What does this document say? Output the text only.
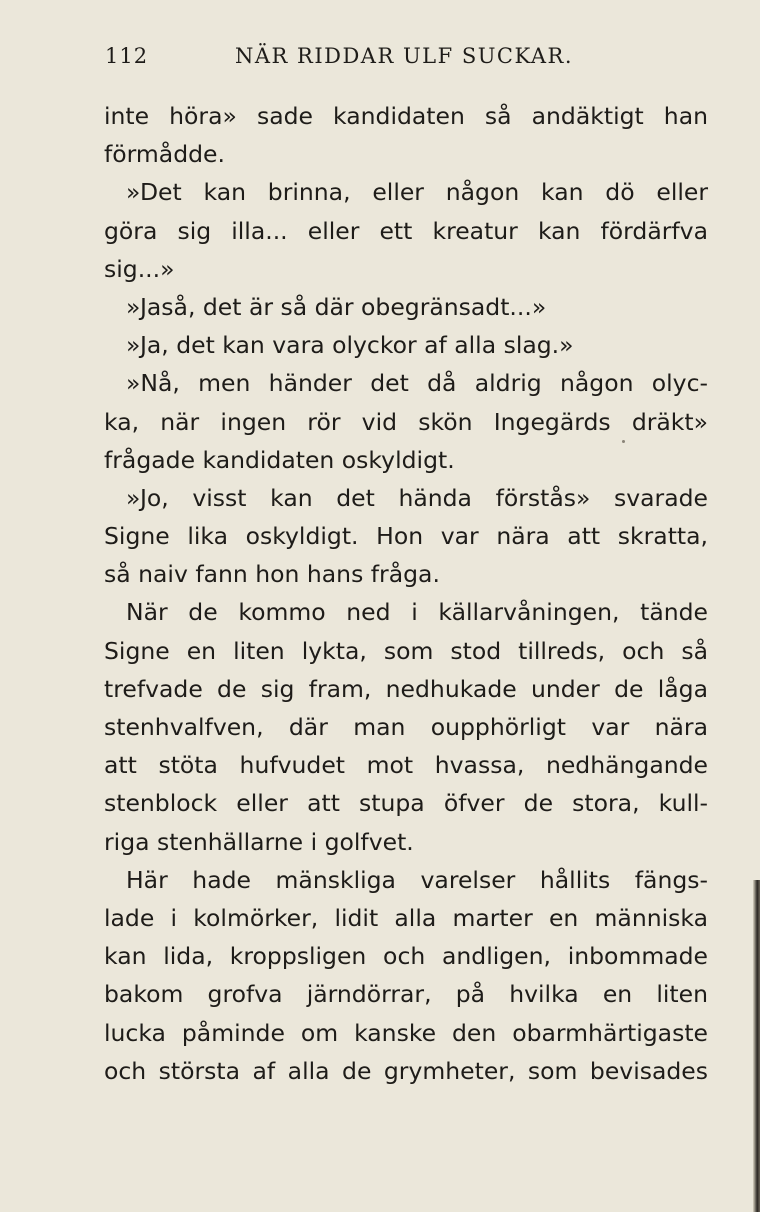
112	NÄR RIDDAR ULF SUCKAR.
inte höra» sade kandidaten så andäktigt han
förmådde.
»Det kan brinna, eller någon kan dö eller
göra sig illa... eller ett kreatur kan fördärfva
sig...»
»Jaså, det är så där obegränsadt...»
»Ja, det kan vara olyckor af alla slag.»
»Nå, men händer det då aldrig någon olyc-
ka, när ingen rör vid skön Ingegärds dräkt»
frågade kandidaten oskyldigt.
»Jo, visst kan det hända förstås» svarade
Signe lika oskyldigt. Hon var nära att skratta,
så naiv fann hon hans fråga.
När de kommo ned i källarvåningen, tände
Signe en liten lykta, som stod tillreds, och så
trefvade de sig fram, nedhukade under de låga
stenhvalfven, där man oupphörligt var nära
att stöta hufvudet mot hvassa, nedhängande
stenblock eller att stupa öfver de stora, kull-
riga stenhällarne i golfvet.
Här hade mänskliga varelser hållits fängs-
lade i kolmörker, lidit alla marter en människa
kan lida, kroppsligen och andligen, inbommade
bakom grofva järndörrar, på hvilka en liten
lucka påminde om kanske den obarmhärtigaste
och största af alla de grymheter, som bevisades
